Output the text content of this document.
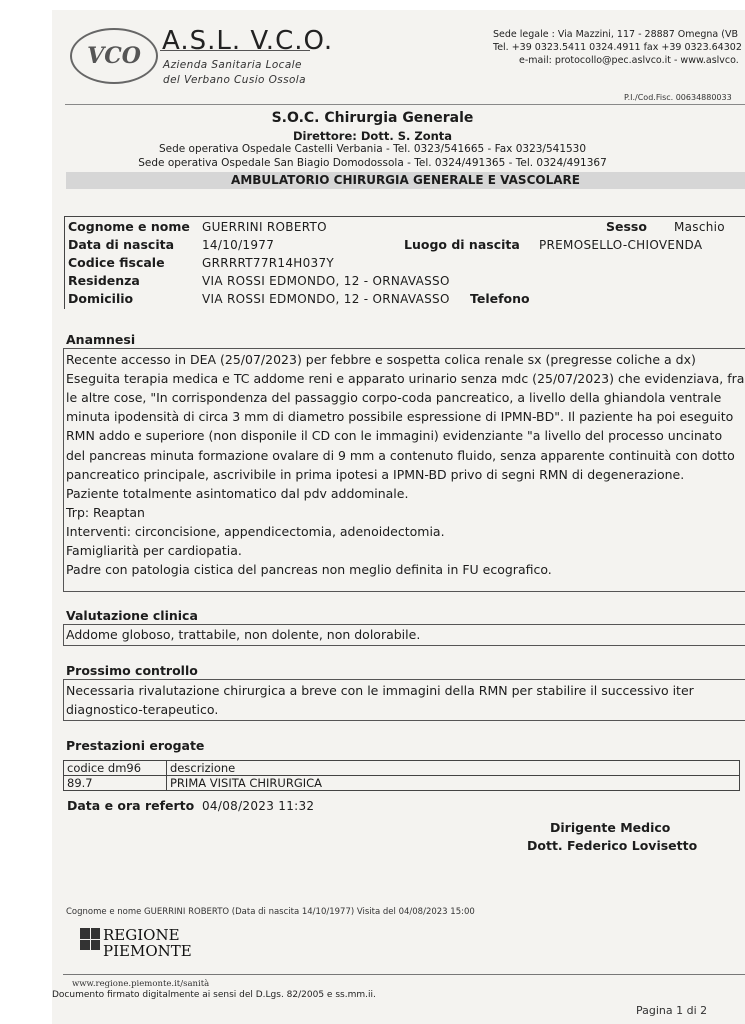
VCO A.S.L. V.C.O.
Azienda Sanitaria Locale
del Verbano Cusio Ossola
Sede legale : Via Mazzini, 117 - 28887 Omegna (VB
Tel. +39 0323.5411 0324.4911 fax +39 0323.64302
e-mail: protocollo@pec.aslvco.it - www.aslvco.
P.I./Cod.Fisc. 00634880033
S.O.C. Chirurgia Generale
Direttore: Dott. S. Zonta
Sede operativa Ospedale Castelli Verbania - Tel. 0323/541665 - Fax 0323/541530
Sede operativa Ospedale San Biagio Domodossola - Tel. 0324/491365 - Tel. 0324/491367
AMBULATORIO CHIRURGIA GENERALE E VASCOLARE
Cognome e nome GUERRINI ROBERTO	Sesso Maschio
Data di nascita 14/10/1977	Luogo di nascita PREMOSELLO-CHIOVENDA
Codice fiscale	GRRRRT77R14H037Y
Residenza	VIA ROSSI EDMONDO, 12 - ORNAVASSO
Domicilio	VIA ROSSI EDMONDO, 12 - ORNAVASSO Telefono
Anamnesi
Recente accesso in DEA (25/07/2023) per febbre e sospetta colica renale sx (pregresse coliche a dx)
Eseguita terapia medica e TC addome reni e apparato urinario senza mdc (25/07/2023) che evidenziava, fra
le altre cose, "In corrispondenza del passaggio corpo-coda pancreatico, a livello della ghiandola ventrale
minuta ipodensità di circa 3 mm di diametro possibile espressione di IPMN-BD". Il paziente ha poi eseguito
RMN addo e superiore (non disponile il CD con le immagini) evidenziante "a livello del processo uncinato
del pancreas minuta formazione ovalare di 9 mm a contenuto fluido, senza apparente continuità con dotto
pancreatico principale, ascrivibile in prima ipotesi a IPMN-BD privo di segni RMN di degenerazione.
Paziente totalmente asintomatico dal pdv addominale.
Trp: Reaptan
Interventi: circoncisione, appendicectomia, adenoidectomia.
Famigliarità per cardiopatia.
Padre con patologia cistica del pancreas non meglio definita in FU ecografico.
Valutazione clinica
Addome globoso, trattabile, non dolente, non dolorabile.
Prossimo controllo
Necessaria rivalutazione chirurgica a breve con le immagini della RMN per stabilire il successivo iter
diagnostico-terapeutico.
Prestazioni erogate
codice dm96	descrizione
89.7	PRIMA VISITA CHIRURGICA
Data e ora referto 04/08/2023 11:32
Dirigente Medico
Dott. Federico Lovisetto
Cognome e nome GUERRINI ROBERTO (Data di nascita 14/10/1977) Visita del 04/08/2023 15:00
REGIONE
PIEMONTE
www.regione.piemonte.it/sanità
Documento firmato digitalmente ai sensi del D.Lgs. 82/2005 e ss.mm.ii.
Pagina 1 di 2
